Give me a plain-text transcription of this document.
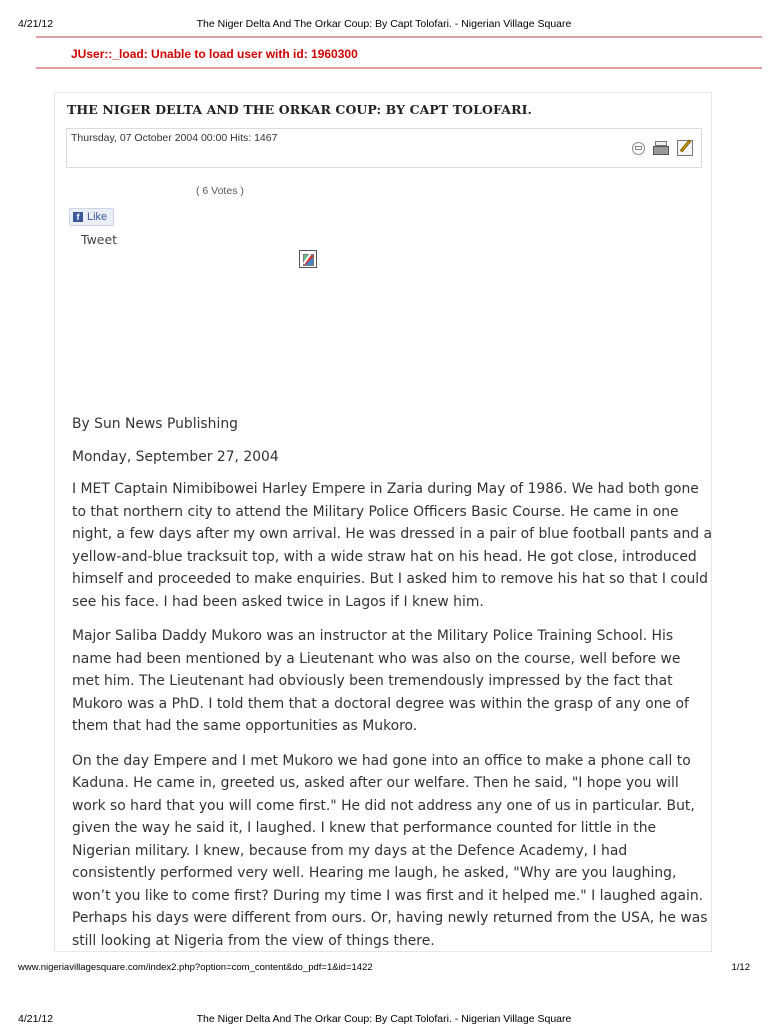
4/21/12	The Niger Delta And The Orkar Coup: By Capt Tolofari. - Nigerian Village Square
JUser::_load: Unable to load user with id: 1960300
THE NIGER DELTA AND THE ORKAR COUP: BY CAPT TOLOFARI.
Thursday, 07 October 2004 00:00 Hits: 1467
( 6 Votes )
f Like
Tweet

By Sun News Publishing

Monday, September 27, 2004

I MET Captain Nimibibowei Harley Empere in Zaria during May of 1986. We had both gone to that northern city to attend the Military Police Officers Basic Course. He came in one night, a few days after my own arrival. He was dressed in a pair of blue football pants and a yellow-and-blue tracksuit top, with a wide straw hat on his head. He got close, introduced himself and proceeded to make enquiries. But I asked him to remove his hat so that I could see his face. I had been asked twice in Lagos if I knew him.

Major Saliba Daddy Mukoro was an instructor at the Military Police Training School. His name had been mentioned by a Lieutenant who was also on the course, well before we met him. The Lieutenant had obviously been tremendously impressed by the fact that Mukoro was a PhD. I told them that a doctoral degree was within the grasp of any one of them that had the same opportunities as Mukoro.

On the day Empere and I met Mukoro we had gone into an office to make a phone call to Kaduna. He came in, greeted us, asked after our welfare. Then he said, "I hope you will work so hard that you will come first." He did not address any one of us in particular. But, given the way he said it, I laughed. I knew that performance counted for little in the Nigerian military. I knew, because from my days at the Defence Academy, I had consistently performed very well. Hearing me laugh, he asked, "Why are you laughing, won’t you like to come first? During my time I was first and it helped me." I laughed again. Perhaps his days were different from ours. Or, having newly returned from the USA, he was still looking at Nigeria from the view of things there.

www.nigeriavillagesquare.com/index2.php?option=com_content&do_pdf=1&id=1422	1/12
4/21/12	The Niger Delta And The Orkar Coup: By Capt Tolofari. - Nigerian Village Square
